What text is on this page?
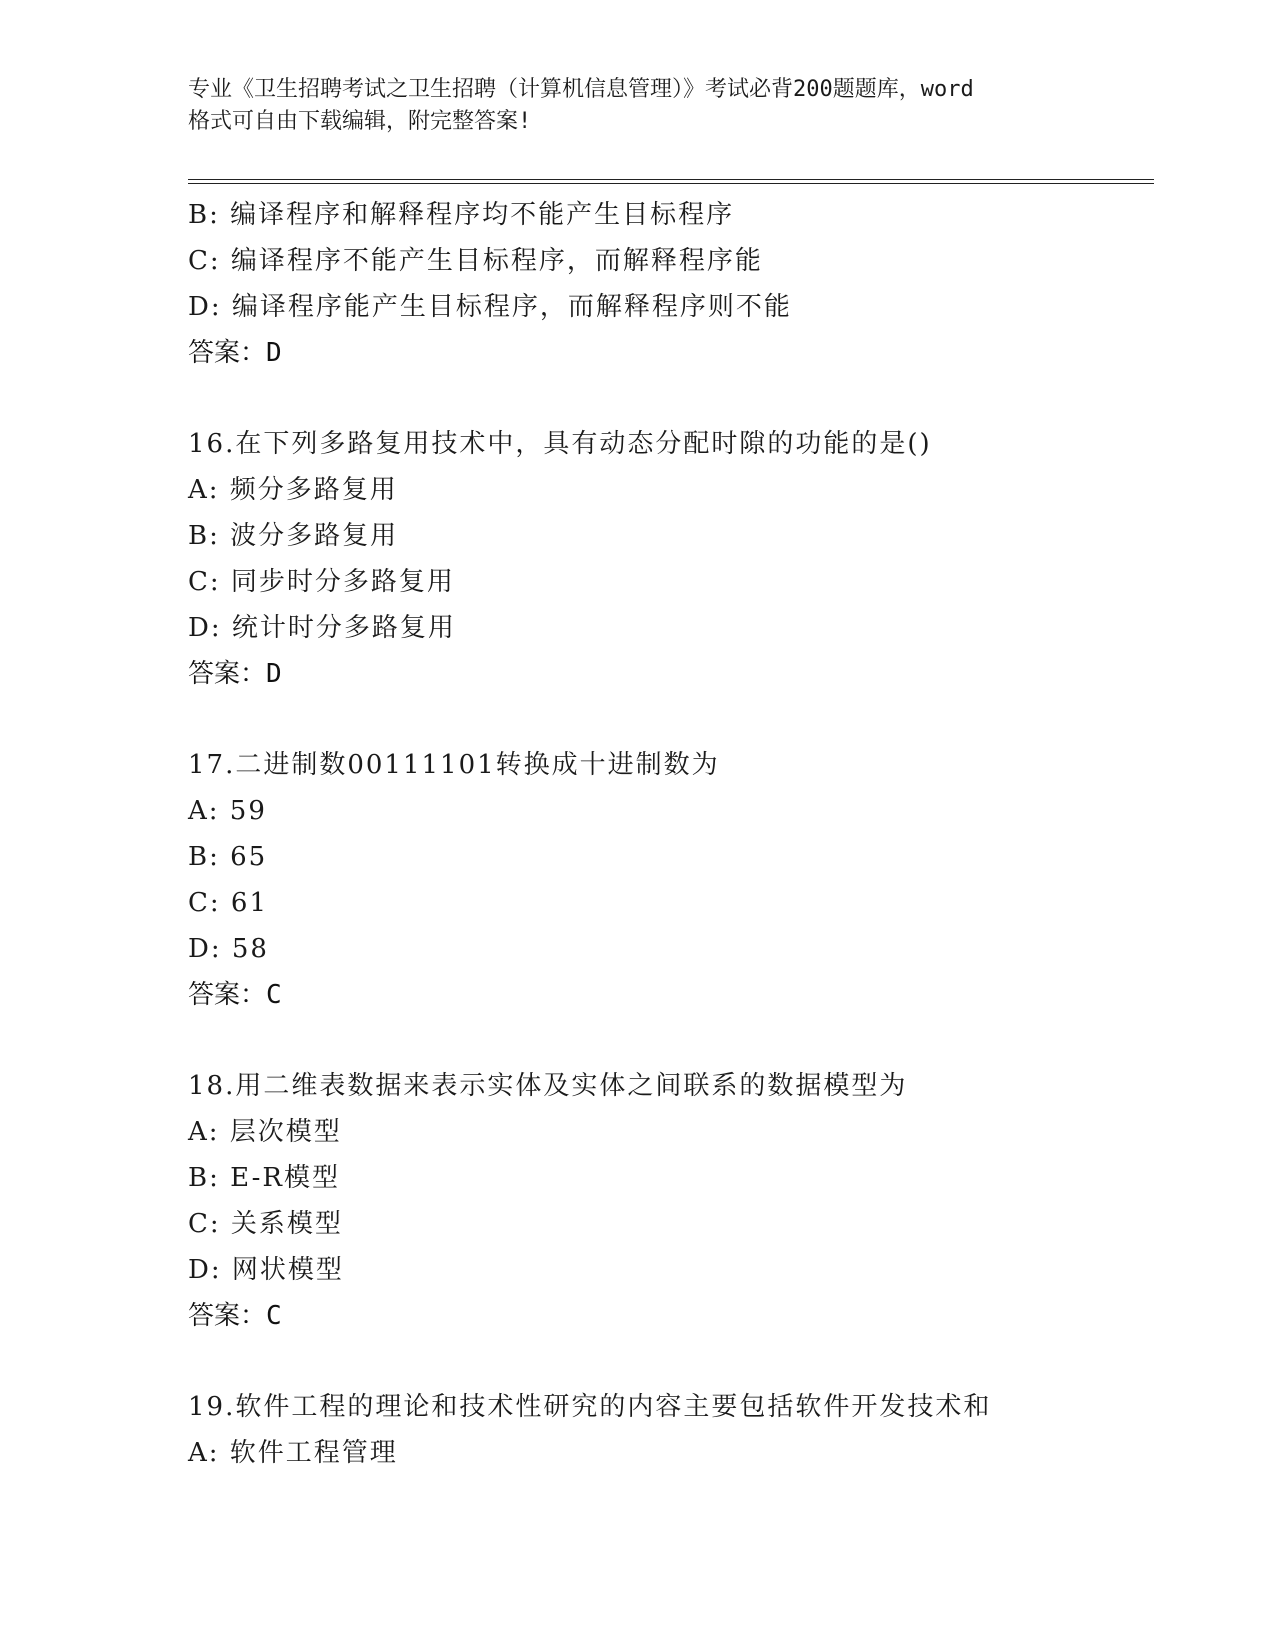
专业《卫生招聘考试之卫生招聘（计算机信息管理）》考试必背200题题库，word
格式可自由下载编辑，附完整答案!
B: 编译程序和解释程序均不能产生目标程序
C: 编译程序不能产生目标程序，而解释程序能
D: 编译程序能产生目标程序，而解释程序则不能
答案：D
16.在下列多路复用技术中，具有动态分配时隙的功能的是()
A: 频分多路复用
B: 波分多路复用
C: 同步时分多路复用
D: 统计时分多路复用
答案：D
17.二进制数00111101转换成十进制数为
A: 59
B: 65
C: 61
D: 58
答案：C
18.用二维表数据来表示实体及实体之间联系的数据模型为
A: 层次模型
B: E-R模型
C: 关系模型
D: 网状模型
答案：C
19.软件工程的理论和技术性研究的内容主要包括软件开发技术和
A: 软件工程管理
